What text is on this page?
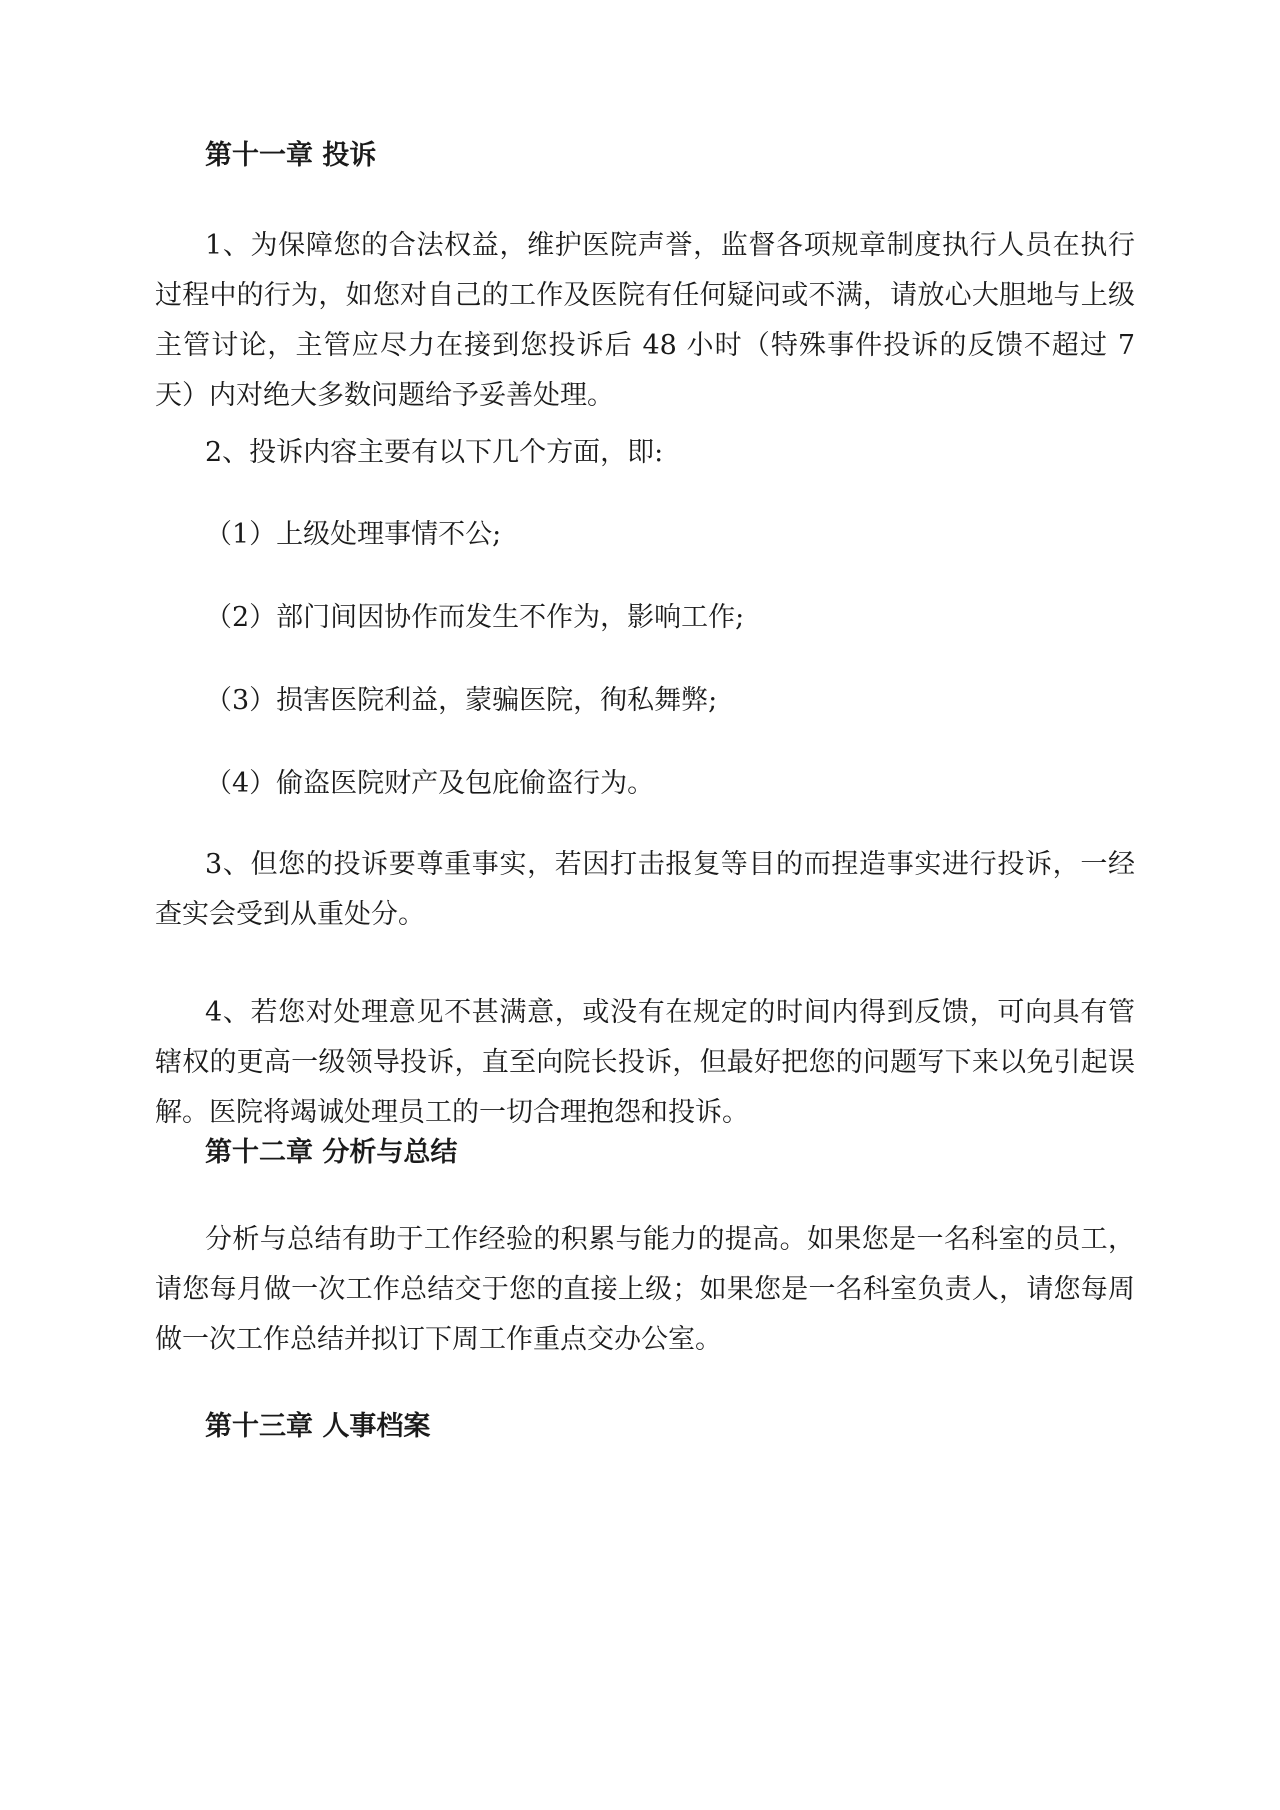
第十一章 投诉
1、为保障您的合法权益，维护医院声誉，监督各项规章制度执行人员在执行过程中的行为，如您对自己的工作及医院有任何疑问或不满，请放心大胆地与上级主管讨论，主管应尽力在接到您投诉后 48 小时（特殊事件投诉的反馈不超过 7 天）内对绝大多数问题给予妥善处理。
2、投诉内容主要有以下几个方面，即:
（1）上级处理事情不公;
（2）部门间因协作而发生不作为，影响工作;
（3）损害医院利益，蒙骗医院，徇私舞弊;
（4）偷盗医院财产及包庇偷盗行为。
3、但您的投诉要尊重事实，若因打击报复等目的而捏造事实进行投诉，一经查实会受到从重处分。
4、若您对处理意见不甚满意，或没有在规定的时间内得到反馈，可向具有管辖权的更高一级领导投诉，直至向院长投诉，但最好把您的问题写下来以免引起误解。医院将竭诚处理员工的一切合理抱怨和投诉。
第十二章 分析与总结
分析与总结有助于工作经验的积累与能力的提高。如果您是一名科室的员工，请您每月做一次工作总结交于您的直接上级；如果您是一名科室负责人，请您每周做一次工作总结并拟订下周工作重点交办公室。
第十三章 人事档案
